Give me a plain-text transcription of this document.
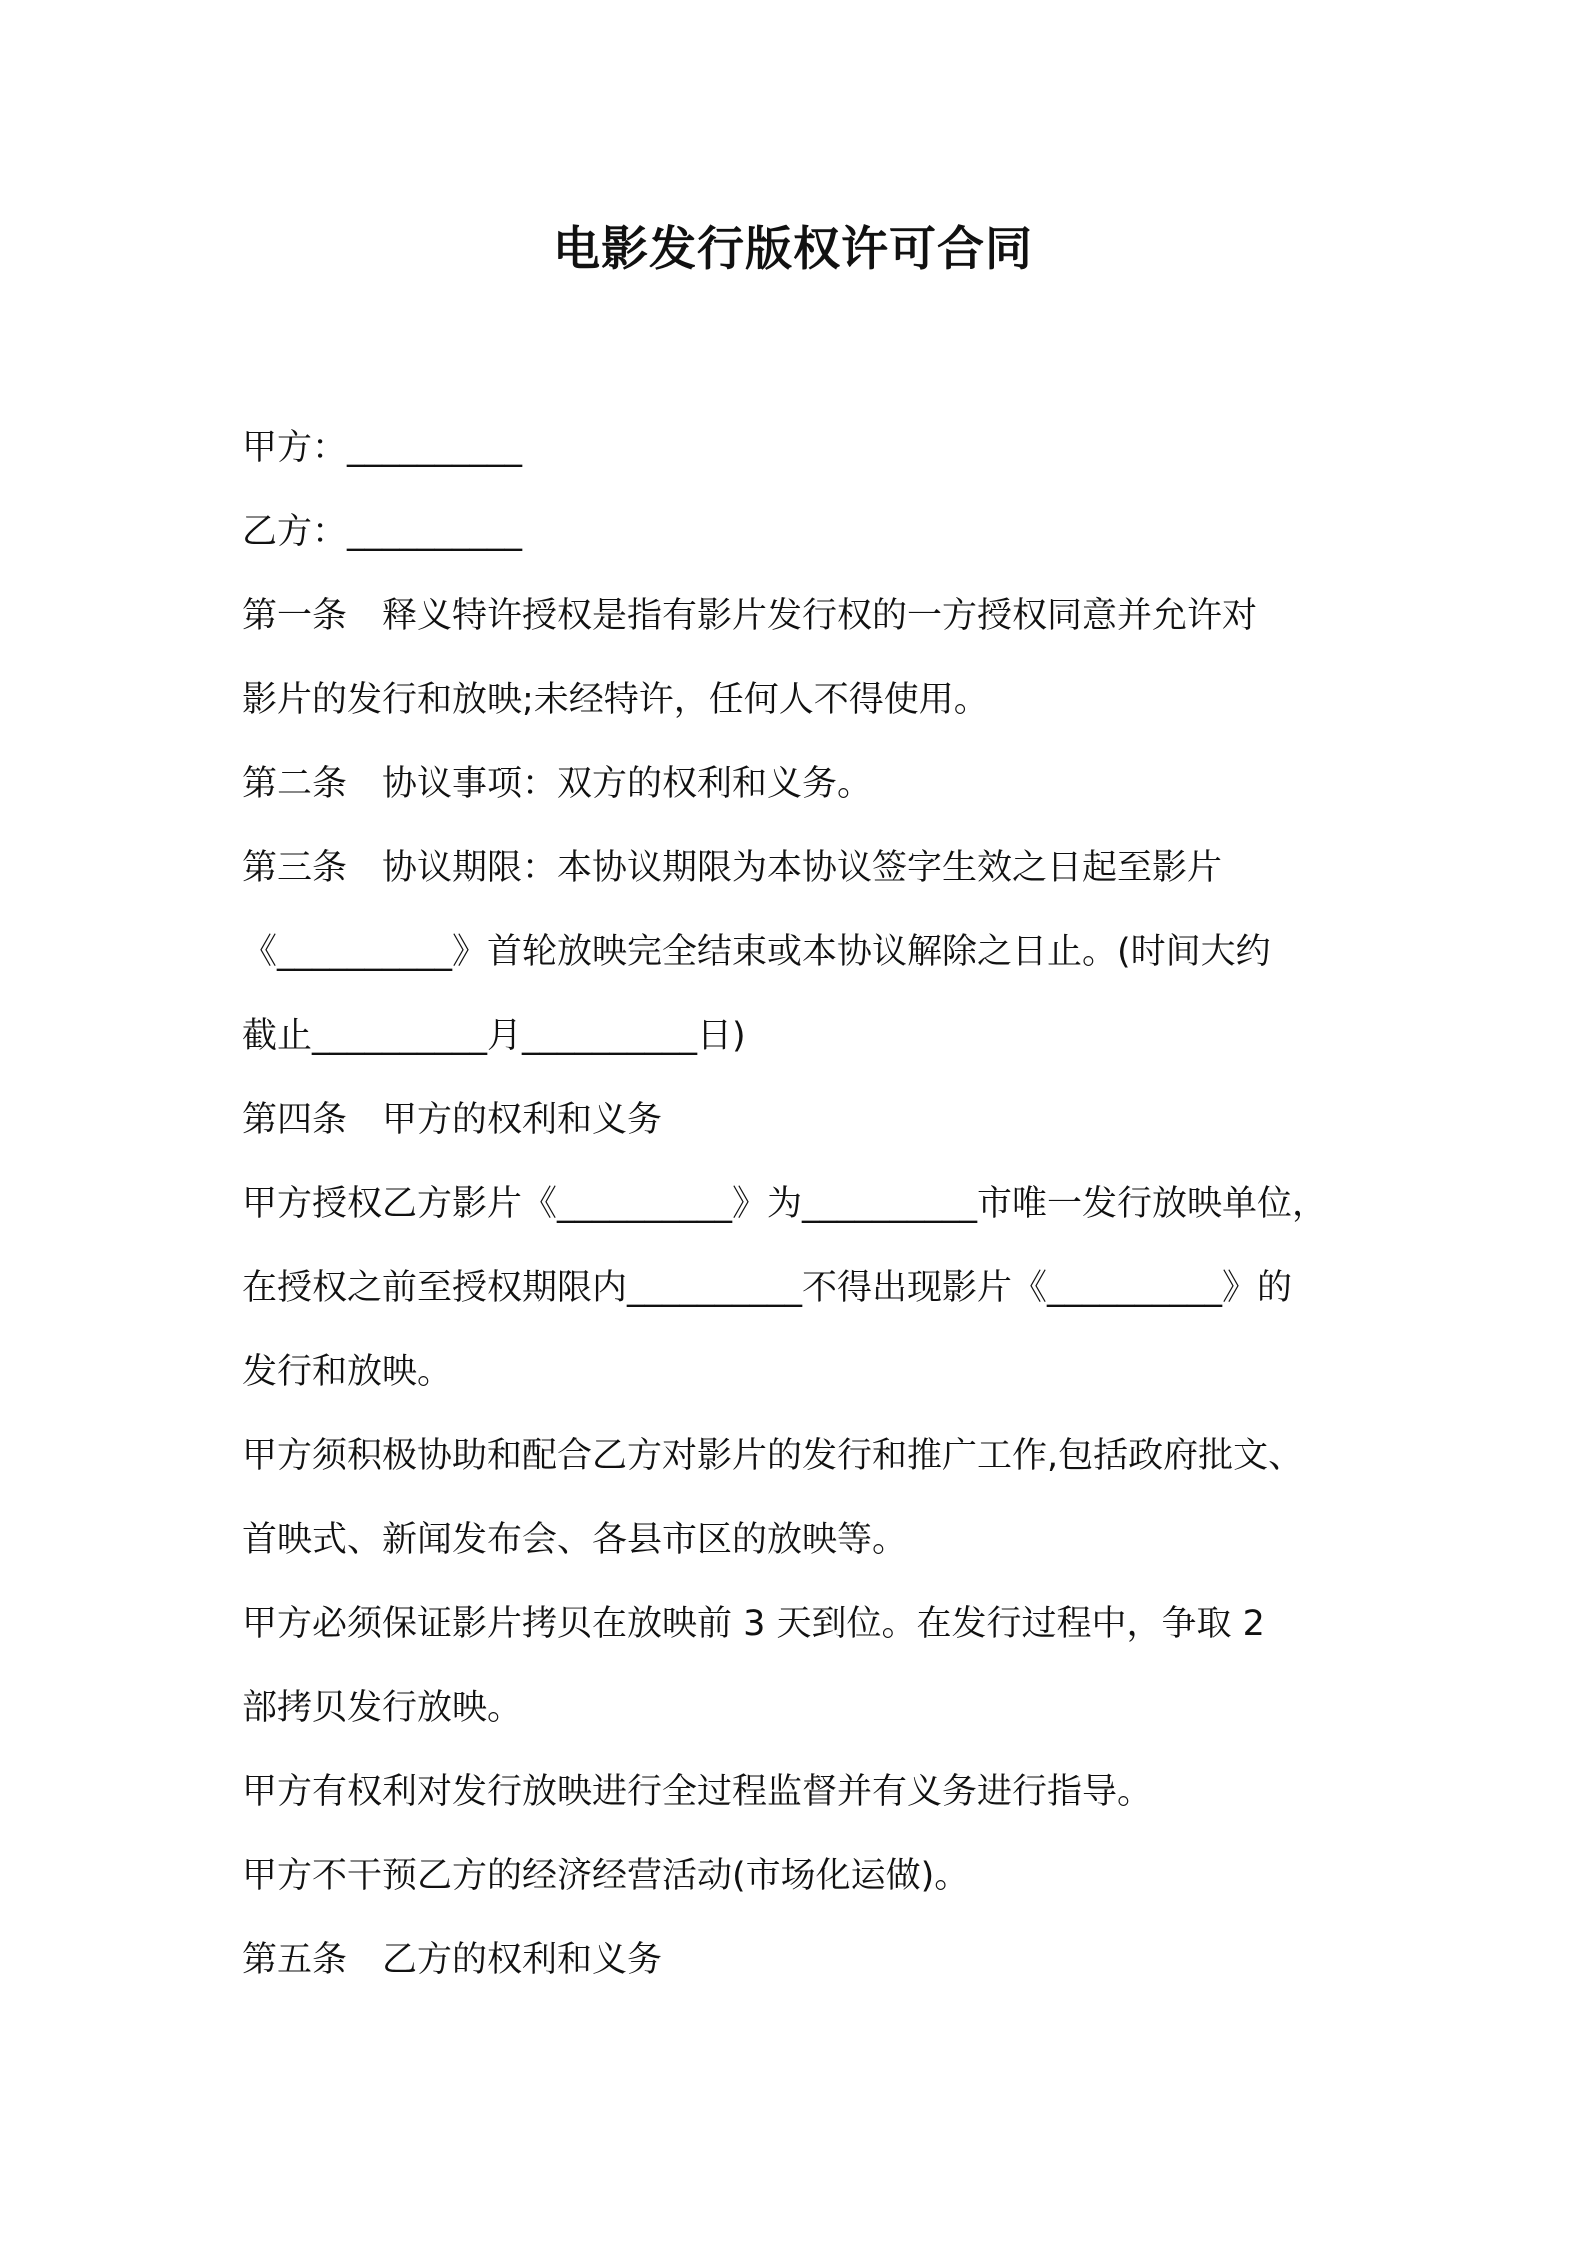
电影发行版权许可合同
甲方：__________
乙方：__________
第一条　释义特许授权是指有影片发行权的一方授权同意并允许对
影片的发行和放映;未经特许，任何人不得使用。
第二条　协议事项：双方的权利和义务。
第三条　协议期限：本协议期限为本协议签字生效之日起至影片
《__________》首轮放映完全结束或本协议解除之日止。(时间大约
截止__________月__________日)
第四条　甲方的权利和义务
甲方授权乙方影片《__________》为__________市唯一发行放映单位，
在授权之前至授权期限内__________不得出现影片《__________》的
发行和放映。
甲方须积极协助和配合乙方对影片的发行和推广工作,包括政府批文、
首映式、新闻发布会、各县市区的放映等。
甲方必须保证影片拷贝在放映前 3 天到位。在发行过程中，争取 2
部拷贝发行放映。
甲方有权利对发行放映进行全过程监督并有义务进行指导。
甲方不干预乙方的经济经营活动(市场化运做)。
第五条　乙方的权利和义务
